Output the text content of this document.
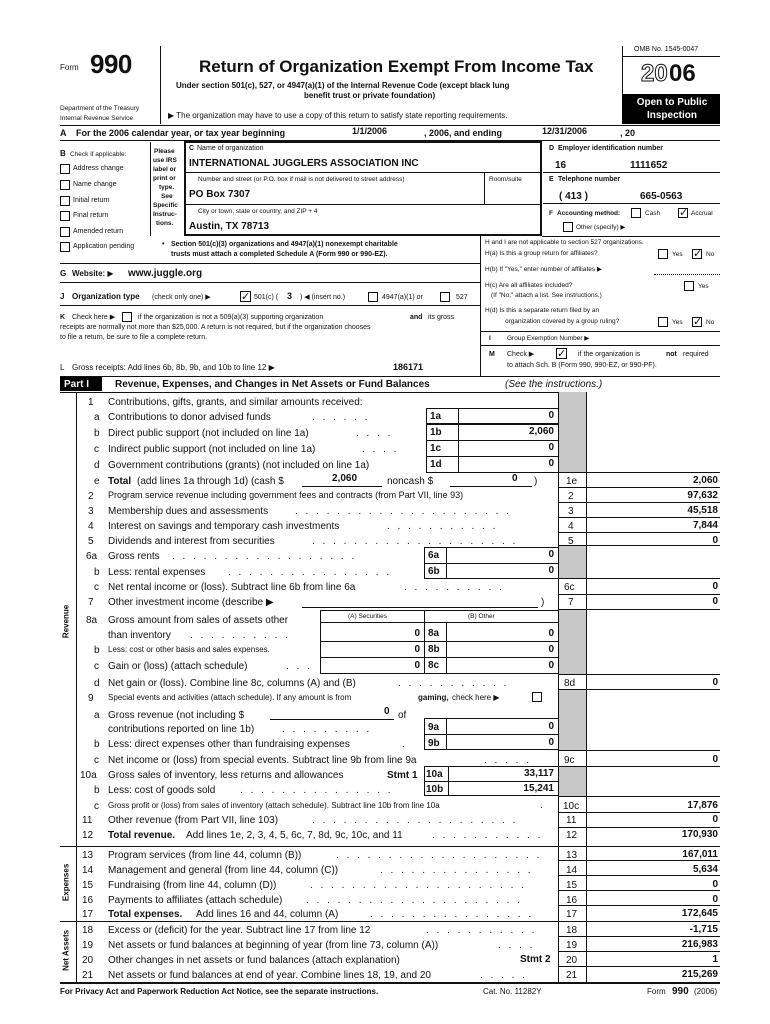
Form 990
Department of the Treasury
Internal Revenue Service
Return of Organization Exempt From Income Tax
Under section 501(c), 527, or 4947(a)(1) of the Internal Revenue Code (except black lung
benefit trust or private foundation)
▶ The organization may have to use a copy of this return to satisfy state reporting requirements.
OMB No. 1545-0047
20 06
Open to Public
Inspection
A For the 2006 calendar year, or tax year beginning	1/1/2006	, 2006, and ending	12/31/2006	, 20
B Check if applicable:
Address change
Name change
Initial return
Final return
Amended return
Application pending
Please
use IRS
label or
print or
type.
See
Specific
Instruc-
tions.
C Name of organization
INTERNATIONAL JUGGLERS ASSOCIATION INC
Number and street (or P.O. box if mail is not delivered to street address)	Room/suite
PO Box 7307
City or town, state or country, and ZIP + 4
Austin, TX 78713
D Employer identification number
16	1111652
E Telephone number
( 413 )	665-0563
F Accounting method:	Cash ✓ Accrual
Other (specify) ▶
• Section 501(c)(3) organizations and 4947(a)(1) nonexempt charitable
trusts must attach a completed Schedule A (Form 990 or 990-EZ).
H and I are not applicable to section 527 organizations.
H(a) Is this a group return for affiliates?	Yes ✓ No
H(b) If "Yes," enter number of affiliates ▶
H(c) Are all affiliates included?	Yes
(If "No," attach a list. See instructions.)
H(d) Is this a separate return filed by an
organization covered by a group ruling?	Yes ✓ No
I Group Exemption Number ▶
M Check ▶ ✓ if the organization is	not required
to attach Sch. B (Form 990, 990-EZ, or 990-PF).
G Website: ▶ www.juggle.org
J Organization type (check only one) ▶	✓ 501(c) ( 3 ) ◀ (insert no.)	4947(a)(1) or	527
K Check here ▶	if the organization is not a 509(a)(3) supporting organization	and its gross
receipts are normally not more than $25,000. A return is not required, but if the organization chooses
to file a return, be sure to file a complete return.
L Gross receipts: Add lines 6b, 8b, 9b, and 10b to line 12 ▶	186171
Part I	Revenue, Expenses, and Changes in Net Assets or Fund Balances	(See the instructions.)
Revenue
Expenses
Net Assets
1 Contributions, gifts, grants, and similar amounts received:
a Contributions to donor advised funds	. . . . . .	1a	0
b Direct public support (not included on line 1a)	. . . .	1b	2,060
c Indirect public support (not included on line 1a)	. . . .	1c	0
d Government contributions (grants) (not included on line 1a)	1d	0
e Total (add lines 1a through 1d) (cash $	2,060	noncash $	0 )	1e	2,060
2 Program service revenue including government fees and contracts (from Part VII, line 93)	2	97,632
3 Membership dues and assessments	. . . . . . . . . . . . . . . . . . . . .	3	45,518
4 Interest on savings and temporary cash investments	. . . . . . . . . . .	4	7,844
5 Dividends and interest from securities	. . . . . . . . . . . . . . . . . . . .	5	0
6a Gross rents . . . . . . . . . . . . . . . . . .	6a	0
b Less: rental expenses . . . . . . . . . . . . . . . .	6b	0
c Net rental income or (loss). Subtract line 6b from line 6a	. . . . . . . . . .	6c	0
7 Other investment income (describe ▶	) 7	0
(A) Securities	(B) Other
8a Gross amount from sales of assets other
than inventory . . . . . . . . . .	0 8a	0
b Less: cost or other basis and sales expenses.	0 8b	0
c Gain or (loss) (attach schedule)	. . .	0 8c	0
d Net gain or (loss). Combine line 8c, columns (A) and (B)	. . . . . . . . . . .	8d	0
9 Special events and activities (attach schedule). If any amount is from	gaming, check here ▶
a Gross revenue (not including $	0 of
contributions reported on line 1b)	. . . . . . . . .	9a	0
b Less: direct expenses other than fundraising expenses	. 9b	0
c Net income or (loss) from special events. Subtract line 9b from line 9a	. . . . .	9c	0
10a Gross sales of inventory, less returns and allowances	Stmt 1 10a	33,117
b Less: cost of goods sold . . . . . . . . . . . . . . .	10b	15,241
c Gross profit or (loss) from sales of inventory (attach schedule). Subtract line 10b from line 10a	. 10c	17,876
11 Other revenue (from Part VII, line 103)	. . . . . . . . . . . . . . . . . . . .	11	0
12 Total revenue. Add lines 1e, 2, 3, 4, 5, 6c, 7, 8d, 9c, 10c, and 11	. . . . . . . . . . . 12	170,930
13 Program services (from line 44, column (B))	. . . . . . . . . . . . . . . . . . . . 13	167,011
14 Management and general (from line 44, column (C))	. . . . . . . . . . . . . . .	14	5,634
15 Fundraising (from line 44, column (D))	. . . . . . . . . . . . . . . . . . . . .	15	0
16 Payments to affiliates (attach schedule) . . . . . . . . . . . . . . . . . . . . .	16	0
17 Total expenses. Add lines 16 and 44, column (A)	. . . . . . . . . . . . . . . .	17	172,645
18 Excess or (deficit) for the year. Subtract line 17 from line 12	. . . . . . . . . . .	18	-1,715
19 Net assets or fund balances at beginning of year (from line 73, column (A))	. . . .	19	216,983
20 Other changes in net assets or fund balances (attach explanation)	Stmt 2 20	1
21 Net assets or fund balances at end of year. Combine lines 18, 19, and 20	. . . . .	21	215,269
For Privacy Act and Paperwork Reduction Act Notice, see the separate instructions.	Cat. No. 11282Y	Form 990 (2006)
